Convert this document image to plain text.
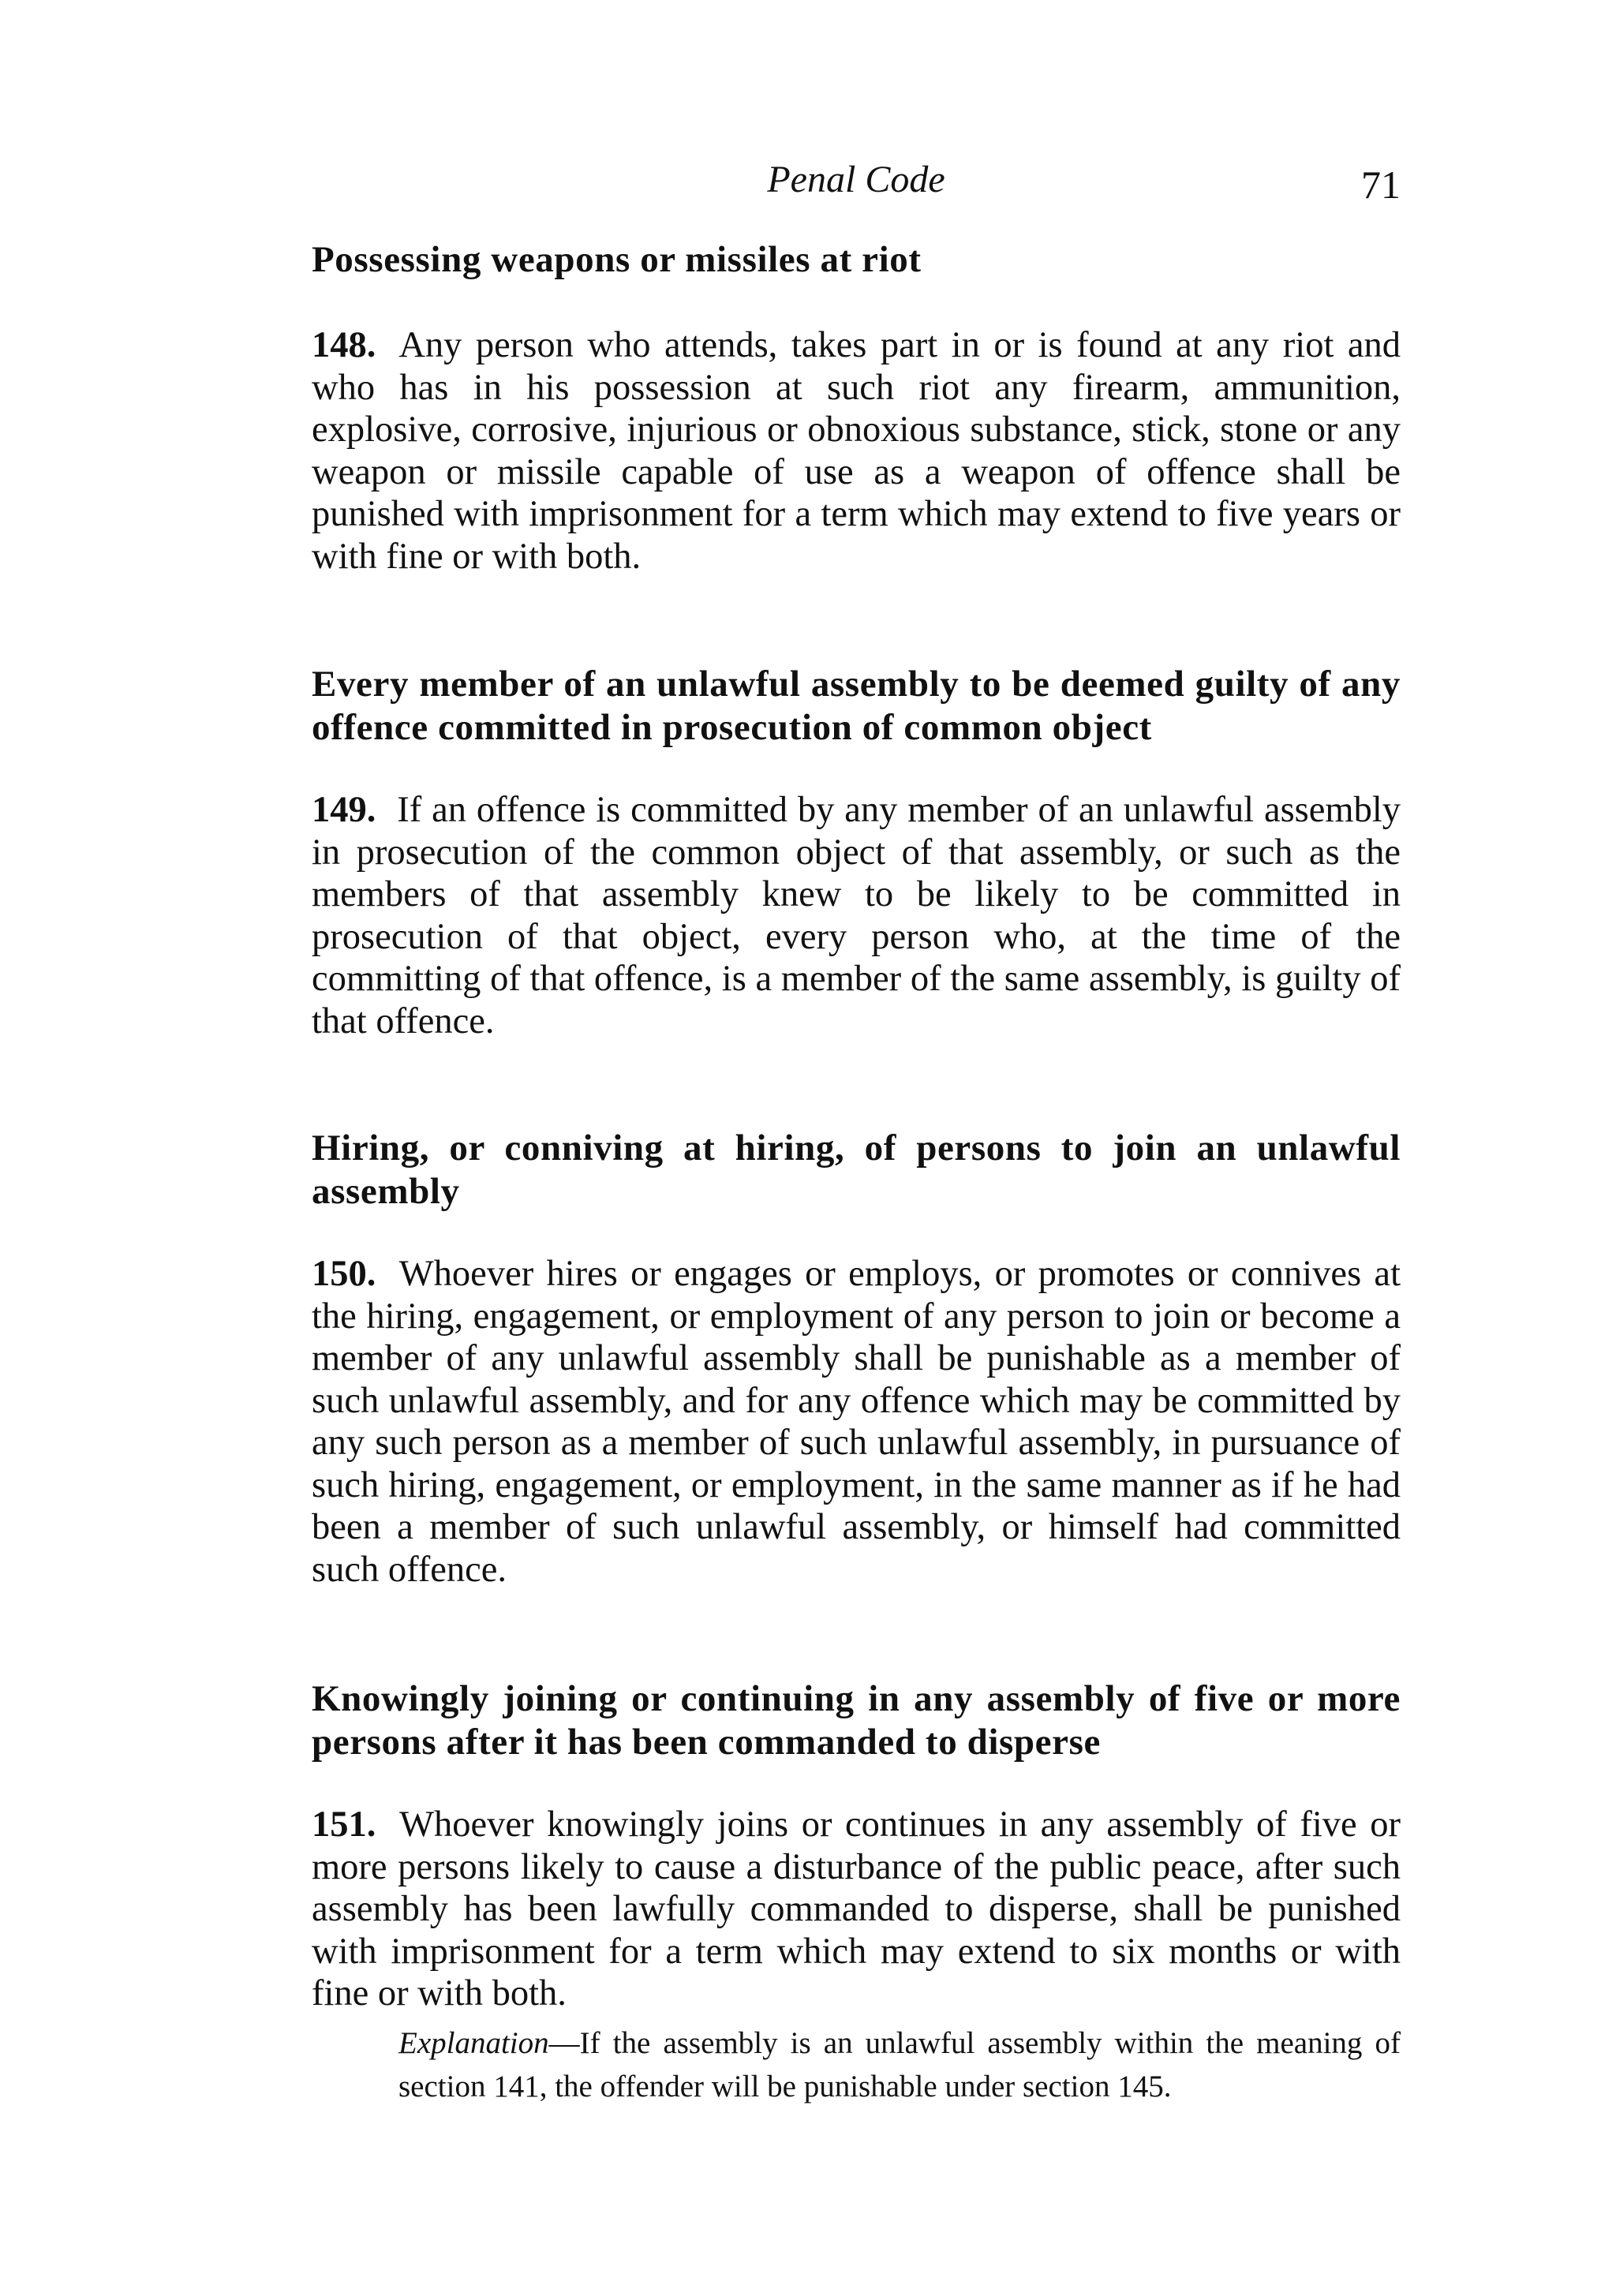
Penal Code	71
Possessing weapons or missiles at riot

148. Any person who attends, takes part in or is found at any riot and who has in his possession at such riot any firearm, ammunition, explosive, corrosive, injurious or obnoxious substance, stick, stone or any weapon or missile capable of use as a weapon of offence shall be punished with imprisonment for a term which may extend to five years or with fine or with both.

Every member of an unlawful assembly to be deemed guilty of any offence committed in prosecution of common object

149. If an offence is committed by any member of an unlawful assembly in prosecution of the common object of that assembly, or such as the members of that assembly knew to be likely to be committed in prosecution of that object, every person who, at the time of the committing of that offence, is a member of the same assembly, is guilty of that offence.

Hiring, or conniving at hiring, of persons to join an unlawful assembly

150. Whoever hires or engages or employs, or promotes or connives at the hiring, engagement, or employment of any person to join or become a member of any unlawful assembly shall be punishable as a member of such unlawful assembly, and for any offence which may be committed by any such person as a member of such unlawful assembly, in pursuance of such hiring, engagement, or employment, in the same manner as if he had been a member of such unlawful assembly, or himself had committed such offence.

Knowingly joining or continuing in any assembly of five or more persons after it has been commanded to disperse

151. Whoever knowingly joins or continues in any assembly of five or more persons likely to cause a disturbance of the public peace, after such assembly has been lawfully commanded to disperse, shall be punished with imprisonment for a term which may extend to six months or with fine or with both.

Explanation—If the assembly is an unlawful assembly within the meaning of section 141, the offender will be punishable under section 145.
